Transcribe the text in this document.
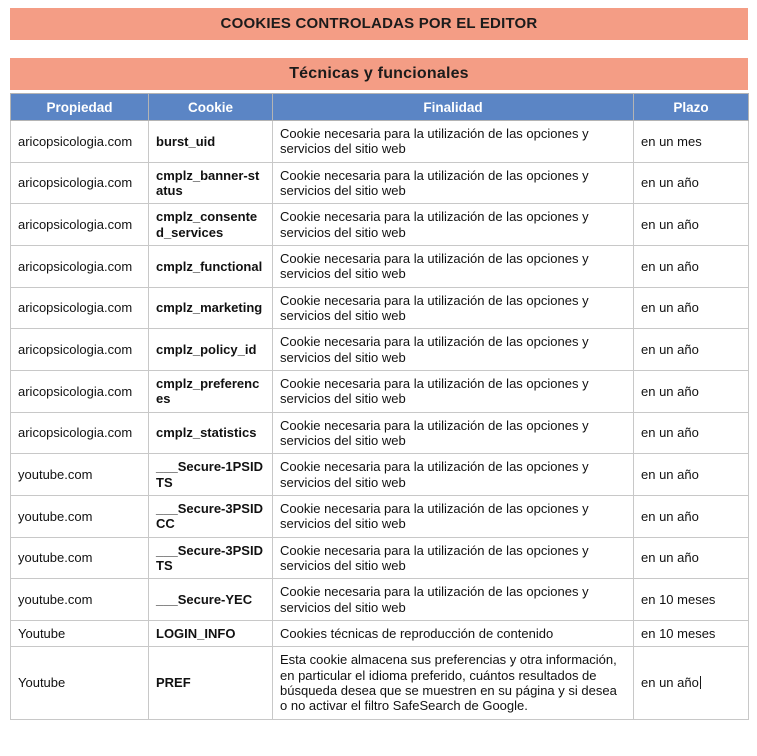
COOKIES CONTROLADAS POR EL EDITOR
Técnicas y funcionales
Propiedad	Cookie	Finalidad	Plazo
aricopsicologia.com	burst_uid	Cookie necesaria para la utilización de las opciones y servicios del sitio web	en un mes
aricopsicologia.com	cmplz_banner-status	Cookie necesaria para la utilización de las opciones y servicios del sitio web	en un año
aricopsicologia.com	cmplz_consented_services	Cookie necesaria para la utilización de las opciones y servicios del sitio web	en un año
aricopsicologia.com	cmplz_functional	Cookie necesaria para la utilización de las opciones y servicios del sitio web	en un año
aricopsicologia.com	cmplz_marketing	Cookie necesaria para la utilización de las opciones y servicios del sitio web	en un año
aricopsicologia.com	cmplz_policy_id	Cookie necesaria para la utilización de las opciones y servicios del sitio web	en un año
aricopsicologia.com	cmplz_preferences	Cookie necesaria para la utilización de las opciones y servicios del sitio web	en un año
aricopsicologia.com	cmplz_statistics	Cookie necesaria para la utilización de las opciones y servicios del sitio web	en un año
youtube.com	___Secure-1PSIDTS	Cookie necesaria para la utilización de las opciones y servicios del sitio web	en un año
youtube.com	___Secure-3PSIDCC	Cookie necesaria para la utilización de las opciones y servicios del sitio web	en un año
youtube.com	___Secure-3PSIDTS	Cookie necesaria para la utilización de las opciones y servicios del sitio web	en un año
youtube.com	___Secure-YEC	Cookie necesaria para la utilización de las opciones y servicios del sitio web	en 10 meses
Youtube	LOGIN_INFO	Cookies técnicas de reproducción de contenido	en 10 meses
Youtube	PREF	Esta cookie almacena sus preferencias y otra información, en particular el idioma preferido, cuántos resultados de búsqueda desea que se muestren en su página y si desea o no activar el filtro SafeSearch de Google.	en un año
